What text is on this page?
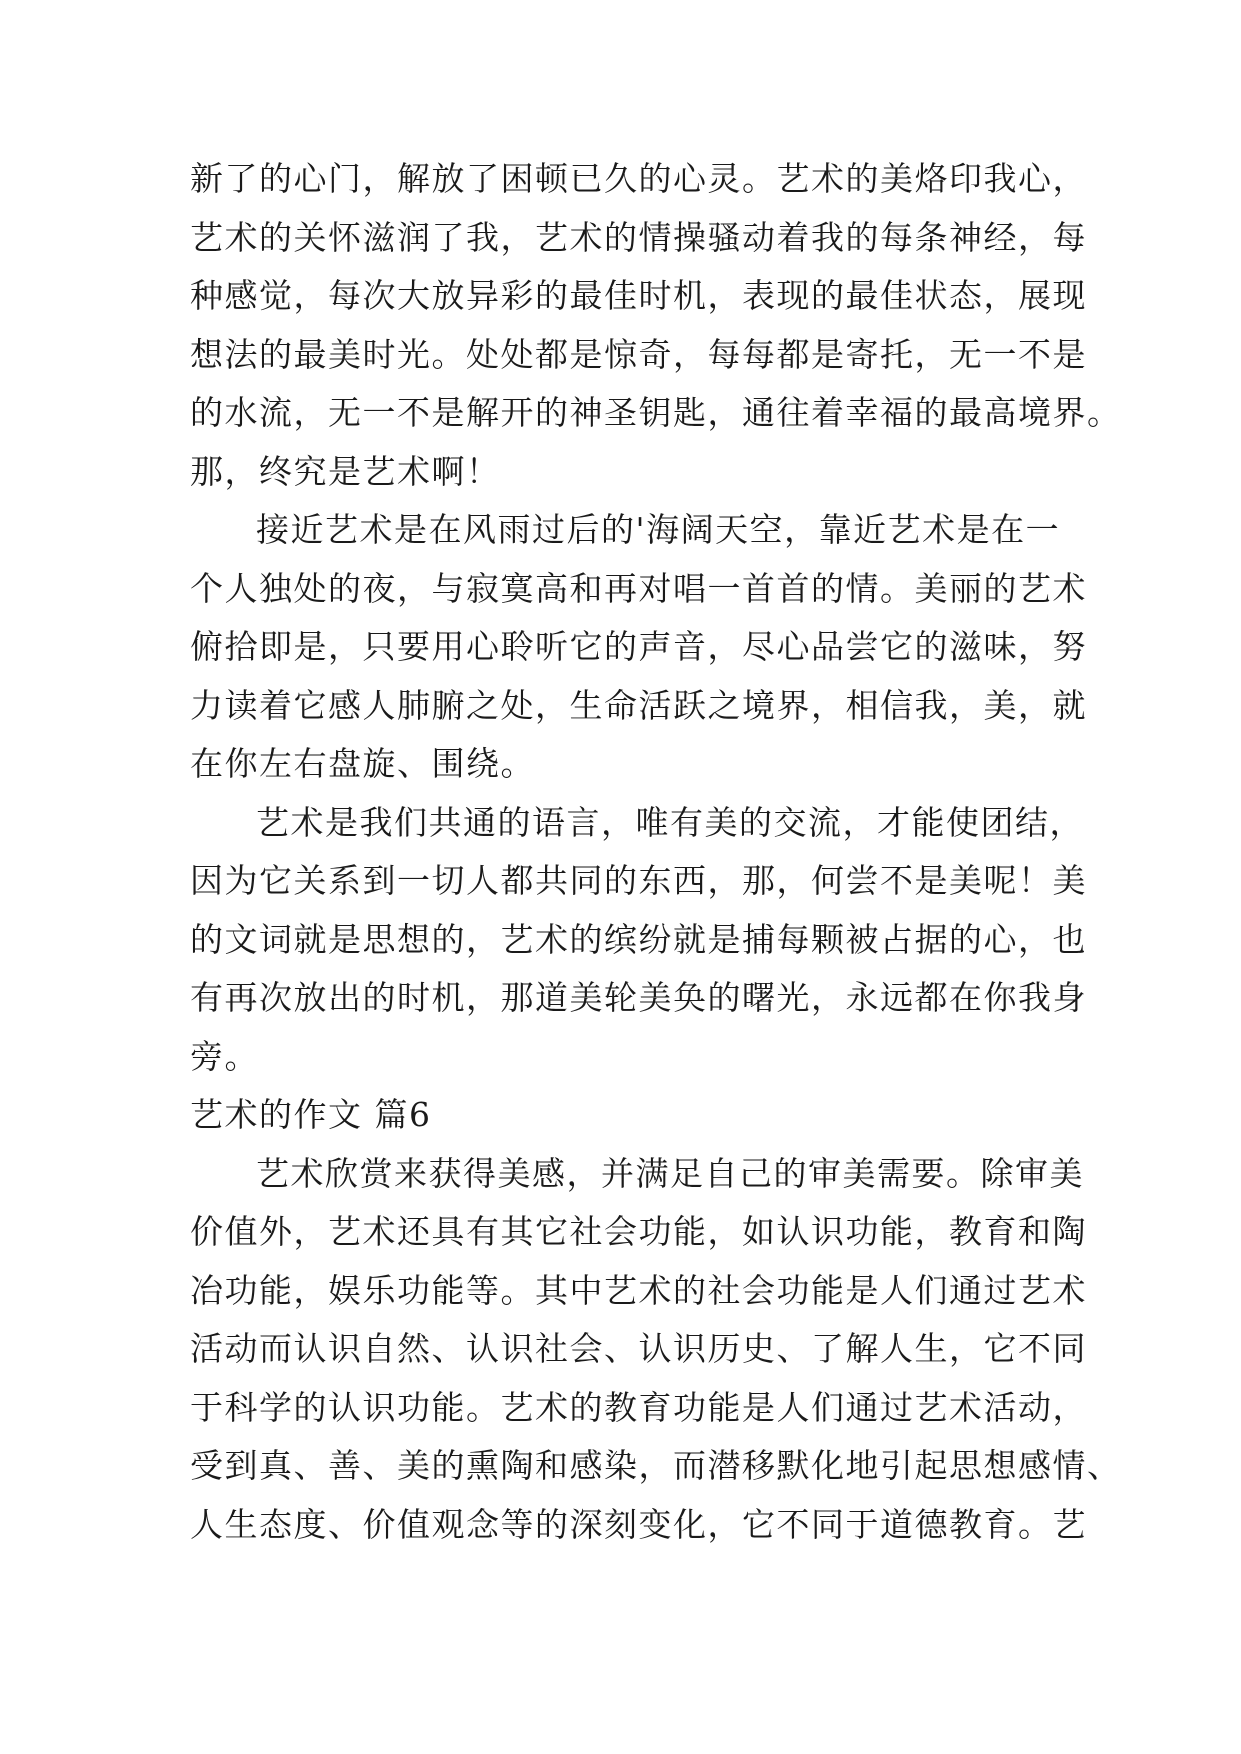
新了的心门，解放了困顿已久的心灵。艺术的美烙印我心，
艺术的关怀滋润了我，艺术的情操骚动着我的每条神经，每
种感觉，每次大放异彩的最佳时机，表现的最佳状态，展现
想法的最美时光。处处都是惊奇，每每都是寄托，无一不是
的水流，无一不是解开的神圣钥匙，通往着幸福的最高境界。
那，终究是艺术啊！
接近艺术是在风雨过后的'海阔天空，靠近艺术是在一
个人独处的夜，与寂寞高和再对唱一首首的情。美丽的艺术
俯拾即是，只要用心聆听它的声音，尽心品尝它的滋味，努
力读着它感人肺腑之处，生命活跃之境界，相信我，美，就
在你左右盘旋、围绕。
艺术是我们共通的语言，唯有美的交流，才能使团结，
因为它关系到一切人都共同的东西，那，何尝不是美呢！美
的文词就是思想的，艺术的缤纷就是捕每颗被占据的心，也
有再次放出的时机，那道美轮美奂的曙光，永远都在你我身
旁。
艺术的作文 篇6
艺术欣赏来获得美感，并满足自己的审美需要。除审美
价值外，艺术还具有其它社会功能，如认识功能，教育和陶
冶功能，娱乐功能等。其中艺术的社会功能是人们通过艺术
活动而认识自然、认识社会、认识历史、了解人生，它不同
于科学的认识功能。艺术的教育功能是人们通过艺术活动，
受到真、善、美的熏陶和感染，而潜移默化地引起思想感情、
人生态度、价值观念等的深刻变化，它不同于道德教育。艺
